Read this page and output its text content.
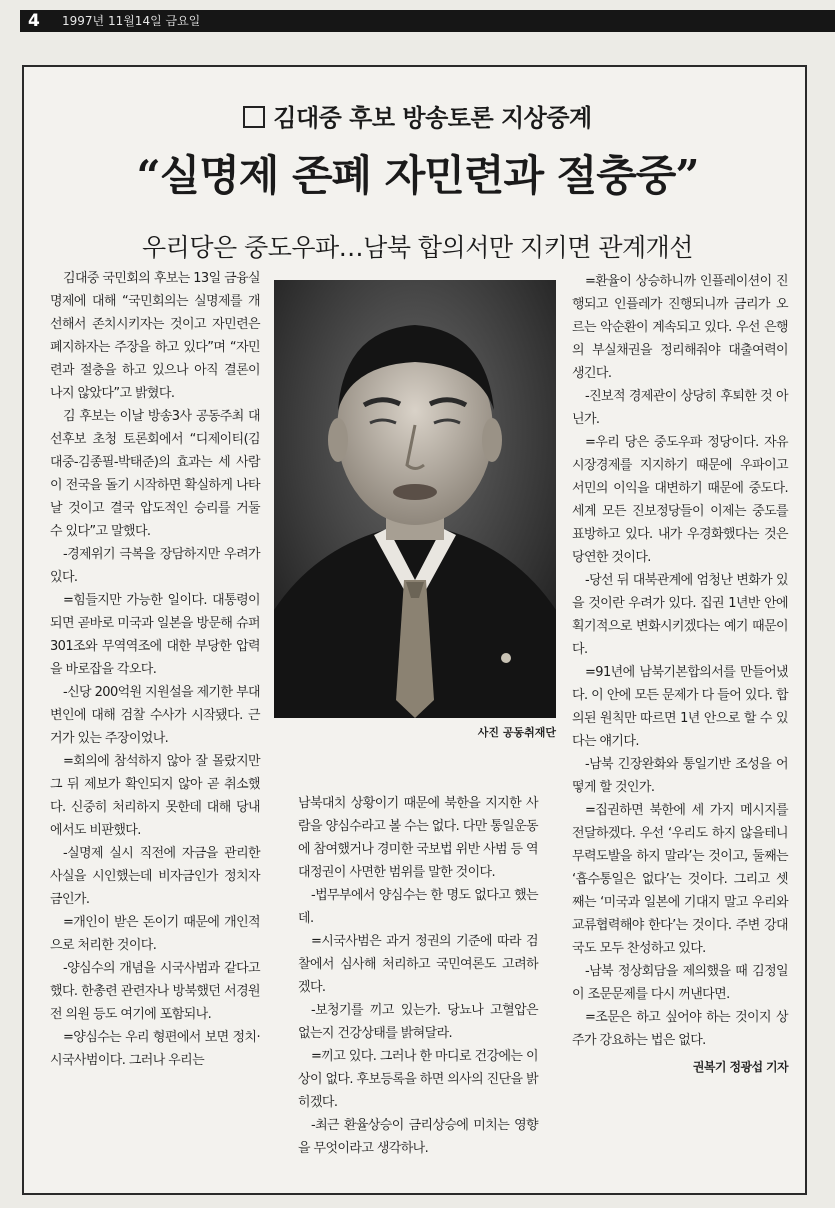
4 1997년 11월14일 금요일
김대중 후보 방송토론 지상중계
“실명제 존폐 자민련과 절충중”
우리당은 중도우파…남북 합의서만 지키면 관계개선

김대중 국민회의 후보는 13일 금융실명제에 대해 “국민회의는 실명제를 개선해서 존치시키자는 것이고 자민련은 폐지하자는 주장을 하고 있다”며 “자민련과 절충을 하고 있으나 아직 결론이 나지 않았다”고 밝혔다.

김 후보는 이날 방송3사 공동주최 대선후보 초청 토론회에서 “디제이티(김대중-김종필-박태준)의 효과는 세 사람이 전국을 돌기 시작하면 확실하게 나타날 것이고 결국 압도적인 승리를 거둘 수 있다”고 말했다.

-경제위기 극복을 장담하지만 우려가 있다.

=힘들지만 가능한 일이다. 대통령이 되면 곧바로 미국과 일본을 방문해 슈퍼 301조와 무역역조에 대한 부당한 압력을 바로잡을 각오다.

-신당 200억원 지원설을 제기한 부대변인에 대해 검찰 수사가 시작됐다. 근거가 있는 주장이었나.

=회의에 참석하지 않아 잘 몰랐지만 그 뒤 제보가 확인되지 않아 곧 취소했다. 신중히 처리하지 못한데 대해 당내에서도 비판했다.

-실명제 실시 직전에 자금을 관리한 사실을 시인했는데 비자금인가 정치자금인가.

=개인이 받은 돈이기 때문에 개인적으로 처리한 것이다.

-양심수의 개념을 시국사범과 같다고 했다. 한총련 관련자나 방북했던 서경원 전 의원 등도 여기에 포함되나.

=양심수는 우리 형편에서 보면 정치·시국사범이다. 그러나 우리는

사진 공동취재단

남북대치 상황이기 때문에 북한을 지지한 사람을 양심수라고 볼 수는 없다. 다만 통일운동에 참여했거나 경미한 국보법 위반 사범 등 역대정권이 사면한 범위를 말한 것이다.

-법무부에서 양심수는 한 명도 없다고 했는데.

=시국사범은 과거 정권의 기준에 따라 검찰에서 심사해 처리하고 국민여론도 고려하겠다.

-보청기를 끼고 있는가. 당뇨나 고혈압은 없는지 건강상태를 밝혀달라.

=끼고 있다. 그러나 한 마디로 건강에는 이상이 없다. 후보등록을 하면 의사의 진단을 밝히겠다.

-최근 환율상승이 금리상승에 미치는 영향을 무엇이라고 생각하나.

=환율이 상승하니까 인플레이션이 진행되고 인플레가 진행되니까 금리가 오르는 악순환이 계속되고 있다. 우선 은행의 부실채권을 정리해줘야 대출여력이 생긴다.

-진보적 경제관이 상당히 후퇴한 것 아닌가.

=우리 당은 중도우파 정당이다. 자유시장경제를 지지하기 때문에 우파이고 서민의 이익을 대변하기 때문에 중도다. 세계 모든 진보정당들이 이제는 중도를 표방하고 있다. 내가 우경화했다는 것은 당연한 것이다.

-당선 뒤 대북관계에 엄청난 변화가 있을 것이란 우려가 있다. 집권 1년반 안에 획기적으로 변화시키겠다는 예기 때문이다.

=91년에 남북기본합의서를 만들어냈다. 이 안에 모든 문제가 다 들어 있다. 합의된 원칙만 따르면 1년 안으로 할 수 있다는 얘기다.

-남북 긴장완화와 통일기반 조성을 어떻게 할 것인가.

=집권하면 북한에 세 가지 메시지를 전달하겠다. 우선 ‘우리도 하지 않을테니 무력도발을 하지 말라’는 것이고, 둘째는 ‘흡수통일은 없다’는 것이다. 그리고 셋째는 ‘미국과 일본에 기대지 말고 우리와 교류협력해야 한다’는 것이다. 주변 강대국도 모두 찬성하고 있다.

-남북 정상회담을 제의했을 때 김정일이 조문문제를 다시 꺼낸다면.

=조문은 하고 싶어야 하는 것이지 상주가 강요하는 법은 없다.

권복기 정광섭 기자
